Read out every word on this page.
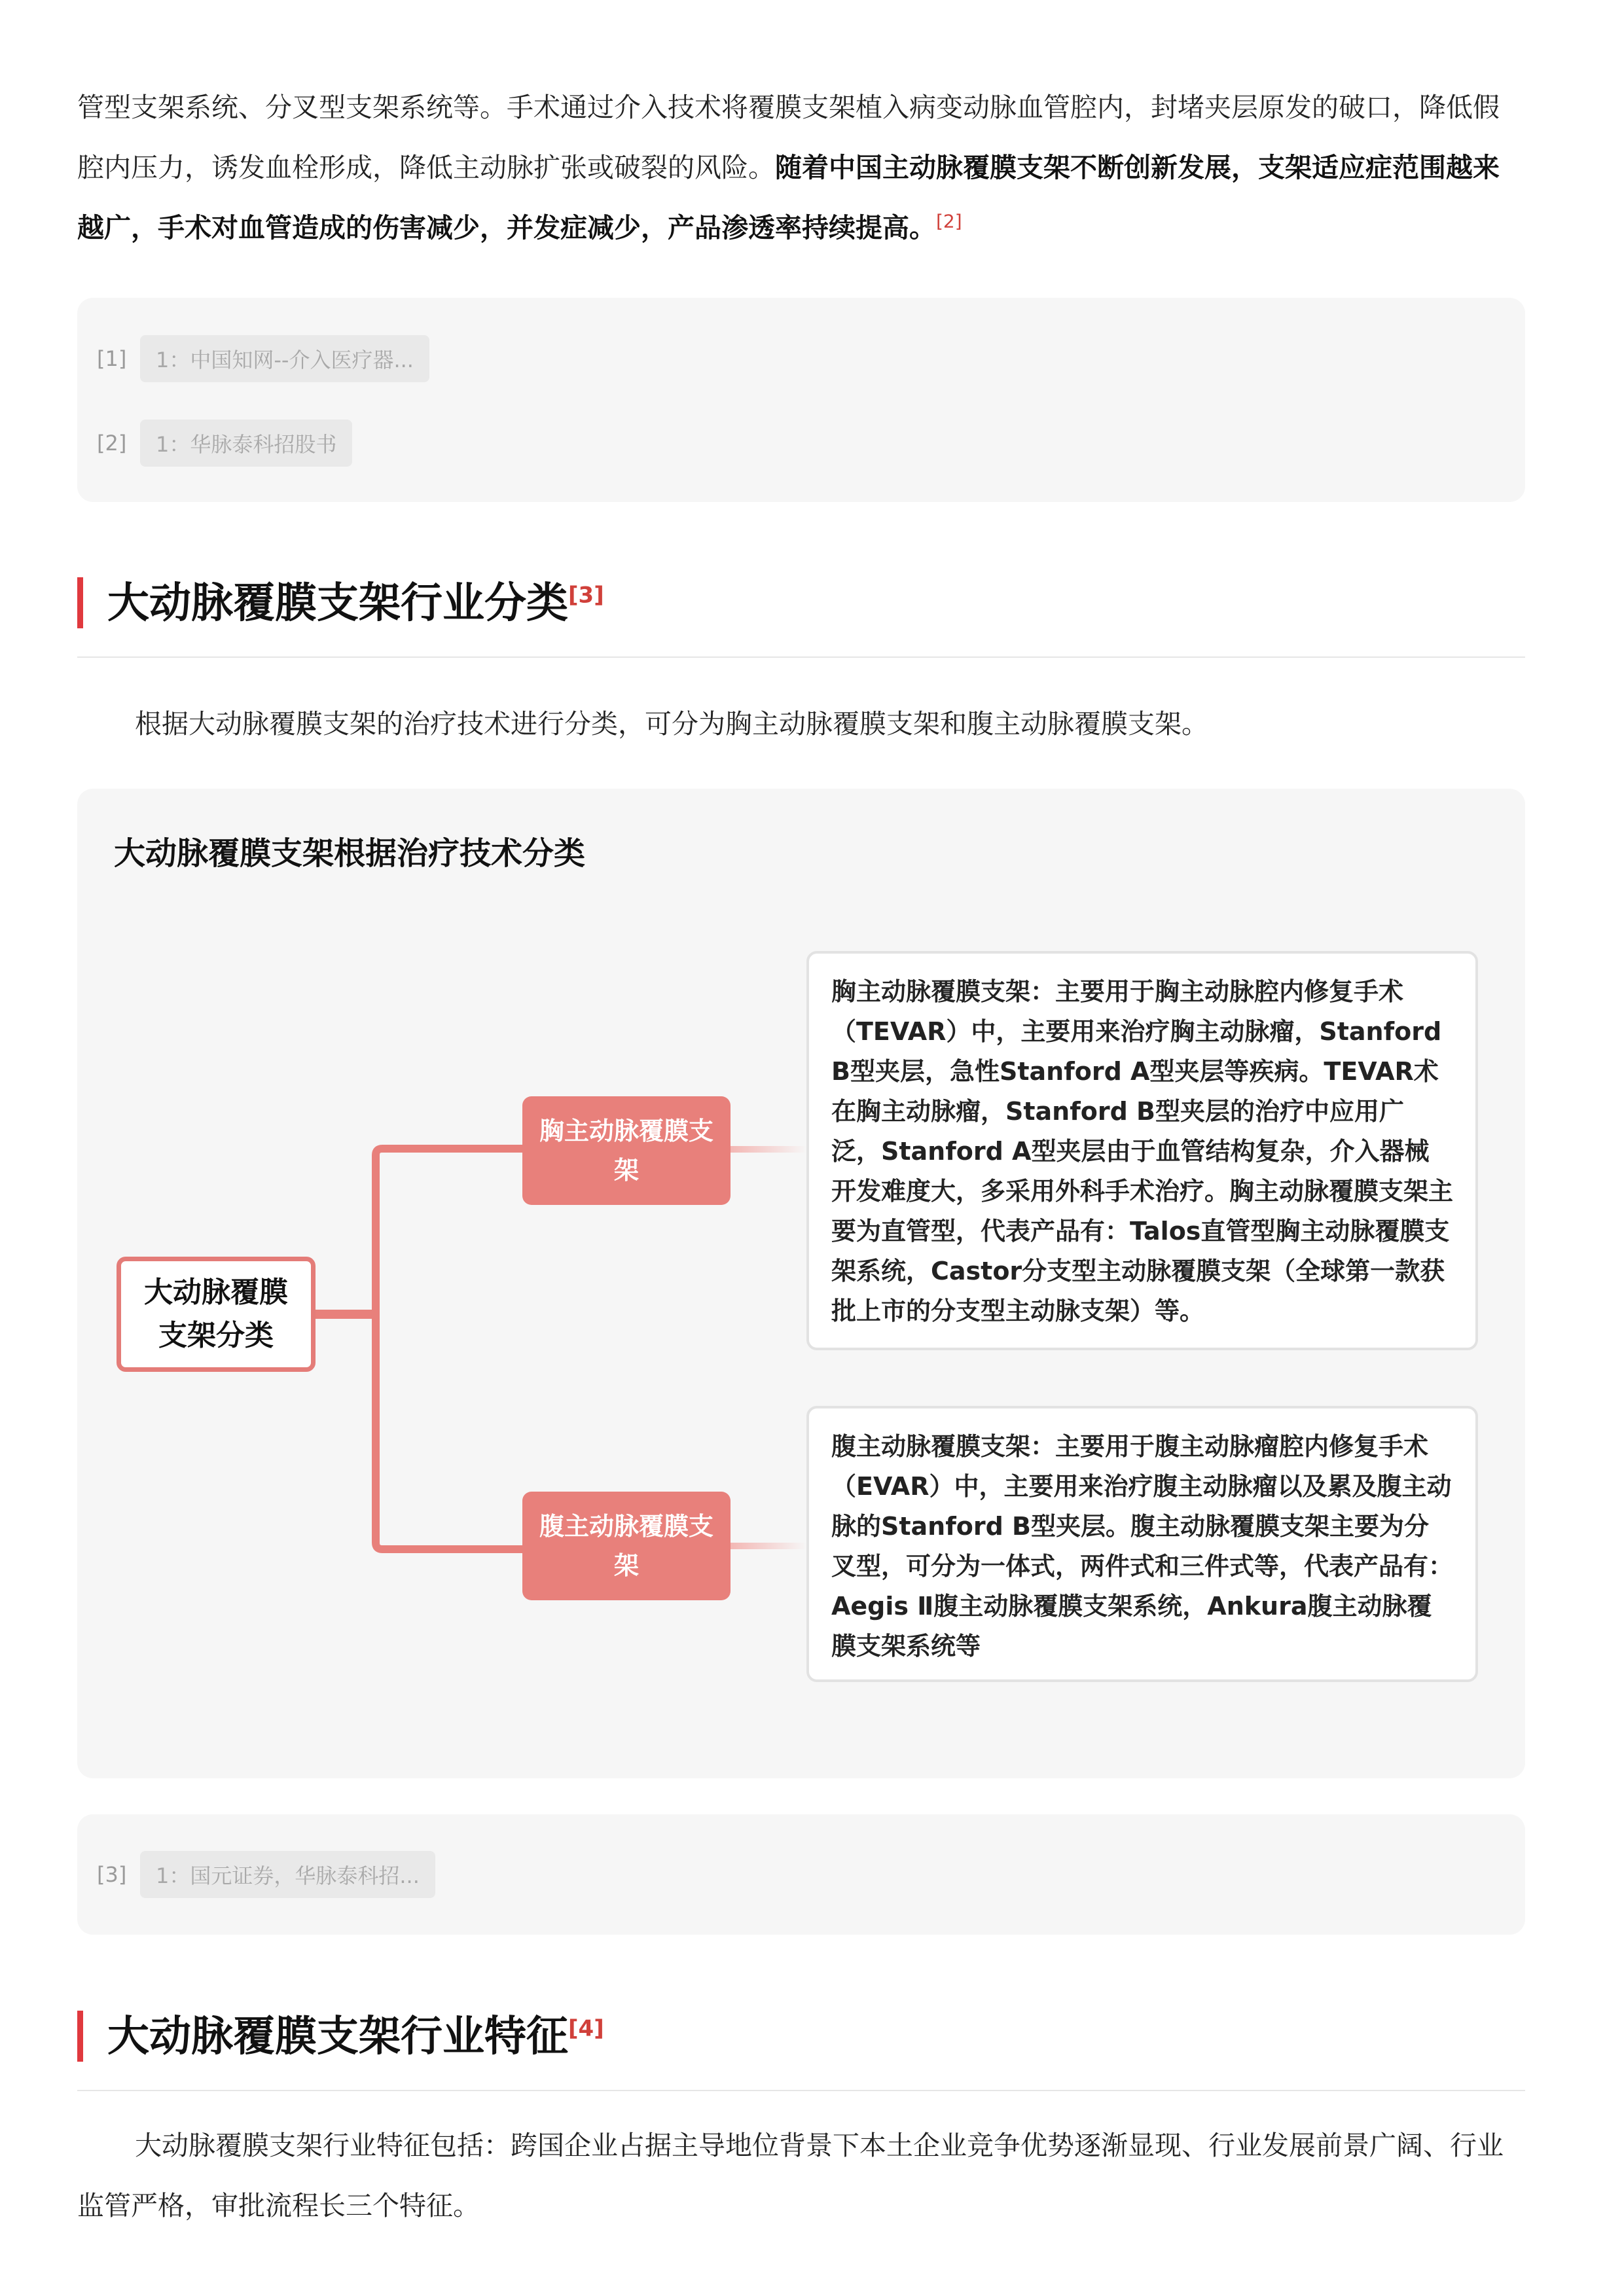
管型支架系统、分叉型支架系统等。手术通过介入技术将覆膜支架植入病变动脉血管腔内，封堵夹层原发的破口，降低假腔内压力，诱发血栓形成，降低主动脉扩张或破裂的风险。随着中国主动脉覆膜支架不断创新发展，支架适应症范围越来越广，手术对血管造成的伤害减少，并发症减少，产品渗透率持续提高。[2]

[1]	1：中国知网--介入医疗器...
[2]	1：华脉泰科招股书
大动脉覆膜支架行业分类[3]

根据大动脉覆膜支架的治疗技术进行分类，可分为胸主动脉覆膜支架和腹主动脉覆膜支架。

大动脉覆膜支架根据治疗技术分类
大动脉覆膜支架分类
胸主动脉覆膜支架
腹主动脉覆膜支架
胸主动脉覆膜支架：主要用于胸主动脉腔内修复手术（TEVAR）中，主要用来治疗胸主动脉瘤，Stanford B型夹层，急性Stanford A型夹层等疾病。TEVAR术在胸主动脉瘤，Stanford B型夹层的治疗中应用广泛，Stanford A型夹层由于血管结构复杂，介入器械开发难度大，多采用外科手术治疗。胸主动脉覆膜支架主要为直管型，代表产品有：Talos直管型胸主动脉覆膜支架系统，Castor分支型主动脉覆膜支架（全球第一款获批上市的分支型主动脉支架）等。
腹主动脉覆膜支架：主要用于腹主动脉瘤腔内修复手术（EVAR）中，主要用来治疗腹主动脉瘤以及累及腹主动脉的Stanford B型夹层。腹主动脉覆膜支架主要为分叉型，可分为一体式，两件式和三件式等，代表产品有：Aegis Ⅱ腹主动脉覆膜支架系统，Ankura腹主动脉覆膜支架系统等
[3]	1：国元证券，华脉泰科招...
大动脉覆膜支架行业特征[4]

大动脉覆膜支架行业特征包括：跨国企业占据主导地位背景下本土企业竞争优势逐渐显现、行业发展前景广阔、行业监管严格，审批流程长三个特征。
